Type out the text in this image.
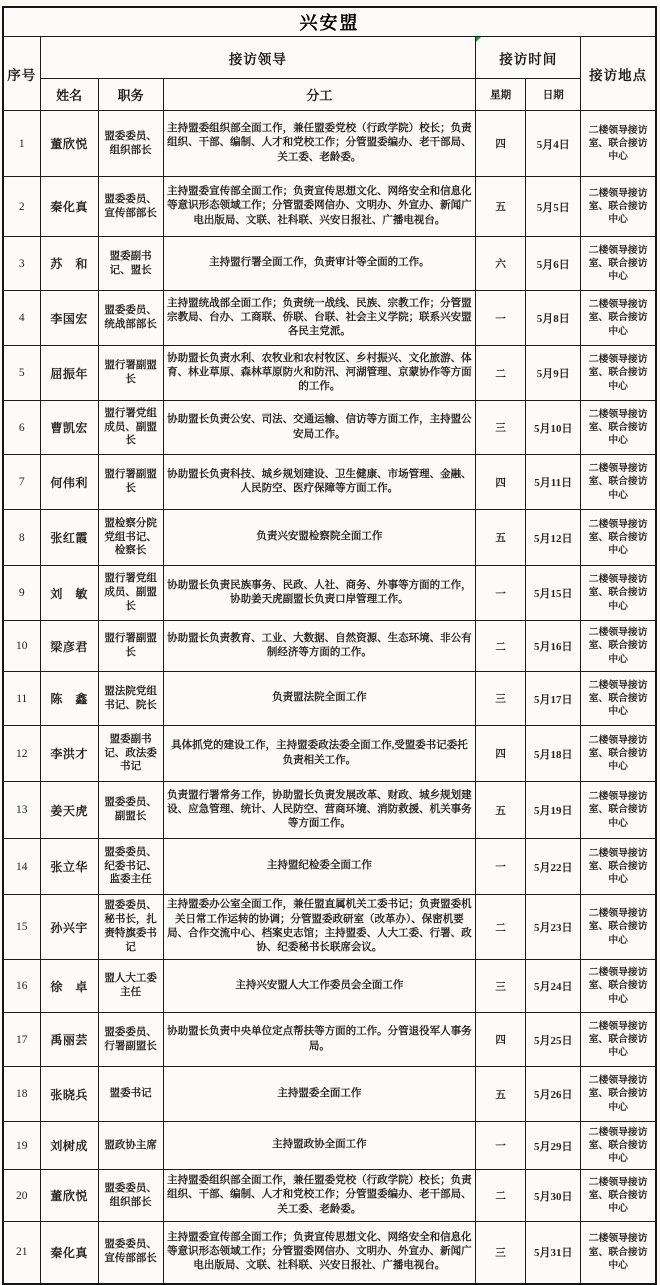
兴安盟						
序号	接访领导			接访时间		接访地点
	姓名	职务	分工	星期	日期	
1	董欣悦	盟委委员、组织部长	主持盟委组织部全面工作，兼任盟委党校（行政学院）校长；负责组织、干部、编制、人才和党校工作；分管盟委编办、老干部局、关工委、老龄委。	四	5月4日	二楼领导接访室、联合接访中心
2	秦化真	盟委委员、宣传部部长	主持盟委宣传部全面工作；负责宣传思想文化、网络安全和信息化等意识形态领域工作；分管盟委网信办、文明办、外宣办、新闻广电出版局、文联、社科联、兴安日报社、广播电视台。	五	5月5日	二楼领导接访室、联合接访中心
3	苏　和	盟委副书记、盟长	主持盟行署全面工作，负责审计等全面的工作。	六	5月6日	二楼领导接访室、联合接访中心
4	李国宏	盟委委员、统战部部长	主持盟统战部全面工作；负责统一战线、民族、宗教工作；分管盟宗教局、台办、工商联、侨联、台联、社会主义学院；联系兴安盟各民主党派。	一	5月8日	二楼领导接访室、联合接访中心
5	屈振年	盟行署副盟长	协助盟长负责水利、农牧业和农村牧区、乡村振兴、文化旅游、体育、林业草原、森林草原防火和防汛、河湖管理、京蒙协作等方面的工作。	二	5月9日	二楼领导接访室、联合接访中心
6	曹凯宏	盟行署党组成员、副盟长	协助盟长负责公安、司法、交通运输、信访等方面工作，主持盟公安局工作。	三	5月10日	二楼领导接访室、联合接访中心
7	何伟利	盟行署副盟长	协助盟长负责科技、城乡规划建设、卫生健康、市场管理、金融、人民防空、医疗保障等方面工作。	四	5月11日	二楼领导接访室、联合接访中心
8	张红霞	盟检察分院党组书记、检察长	负责兴安盟检察院全面工作	五	5月12日	二楼领导接访室、联合接访中心
9	刘　敏	盟行署党组成员、副盟长	协助盟长负责民族事务、民政、人社、商务、外事等方面的工作，协助姜天虎副盟长负责口岸管理工作。	一	5月15日	二楼领导接访室、联合接访中心
10	梁彦君	盟行署副盟长	协助盟长负责教育、工业、大数据、自然资源、生态环境、非公有制经济等方面的工作。	二	5月16日	二楼领导接访室、联合接访中心
11	陈　鑫	盟法院党组书记、院长	负责盟法院全面工作	三	5月17日	二楼领导接访室、联合接访中心
12	李洪才	盟委副书记、政法委书记	具体抓党的建设工作，主持盟委政法委全面工作,受盟委书记委托负责相关工作。	四	5月18日	二楼领导接访室、联合接访中心
13	姜天虎	盟委委员、副盟长	负责盟行署常务工作，协助盟长负责发展改革、财政、城乡规划建设、应急管理、统计、人民防空、营商环境、消防救援、机关事务等方面工作。	五	5月19日	二楼领导接访室、联合接访中心
14	张立华	盟委委员、纪委书记、监委主任	主持盟纪检委全面工作	一	5月22日	二楼领导接访室、联合接访中心
15	孙兴宇	盟委委员、秘书长，扎赉特旗委书记	主持盟委办公室全面工作，兼任盟直属机关工委书记；负责盟委机关日常工作运转的协调；分管盟委政研室（改革办）、保密机要局、合作交流中心、档案史志馆；主持盟委、人大工委、行署、政协、纪委秘书长联席会议。	二	5月23日	二楼领导接访室、联合接访中心
16	徐　卓	盟人大工委主任	主持兴安盟人大工作委员会全面工作	三	5月24日	二楼领导接访室、联合接访中心
17	禹丽芸	盟委委员、行署副盟长	协助盟长负责中央单位定点帮扶等方面的工作。分管退役军人事务局。	四	5月25日	二楼领导接访室、联合接访中心
18	张晓兵	盟委书记	主持盟委全面工作	五	5月26日	二楼领导接访室、联合接访中心
19	刘树成	盟政协主席	主持盟政协全面工作	一	5月29日	二楼领导接访室、联合接访中心
20	董欣悦	盟委委员、组织部长	主持盟委组织部全面工作，兼任盟委党校（行政学院）校长；负责组织、干部、编制、人才和党校工作；分管盟委编办、老干部局、关工委、老龄委。	二	5月30日	二楼领导接访室、联合接访中心
21	秦化真	盟委委员、宣传部部长	主持盟委宣传部全面工作；负责宣传思想文化、网络安全和信息化等意识形态领域工作；分管盟委网信办、文明办、外宣办、新闻广电出版局、文联、社科联、兴安日报社、广播电视台。	三	5月31日	二楼领导接访室、联合接访中心
